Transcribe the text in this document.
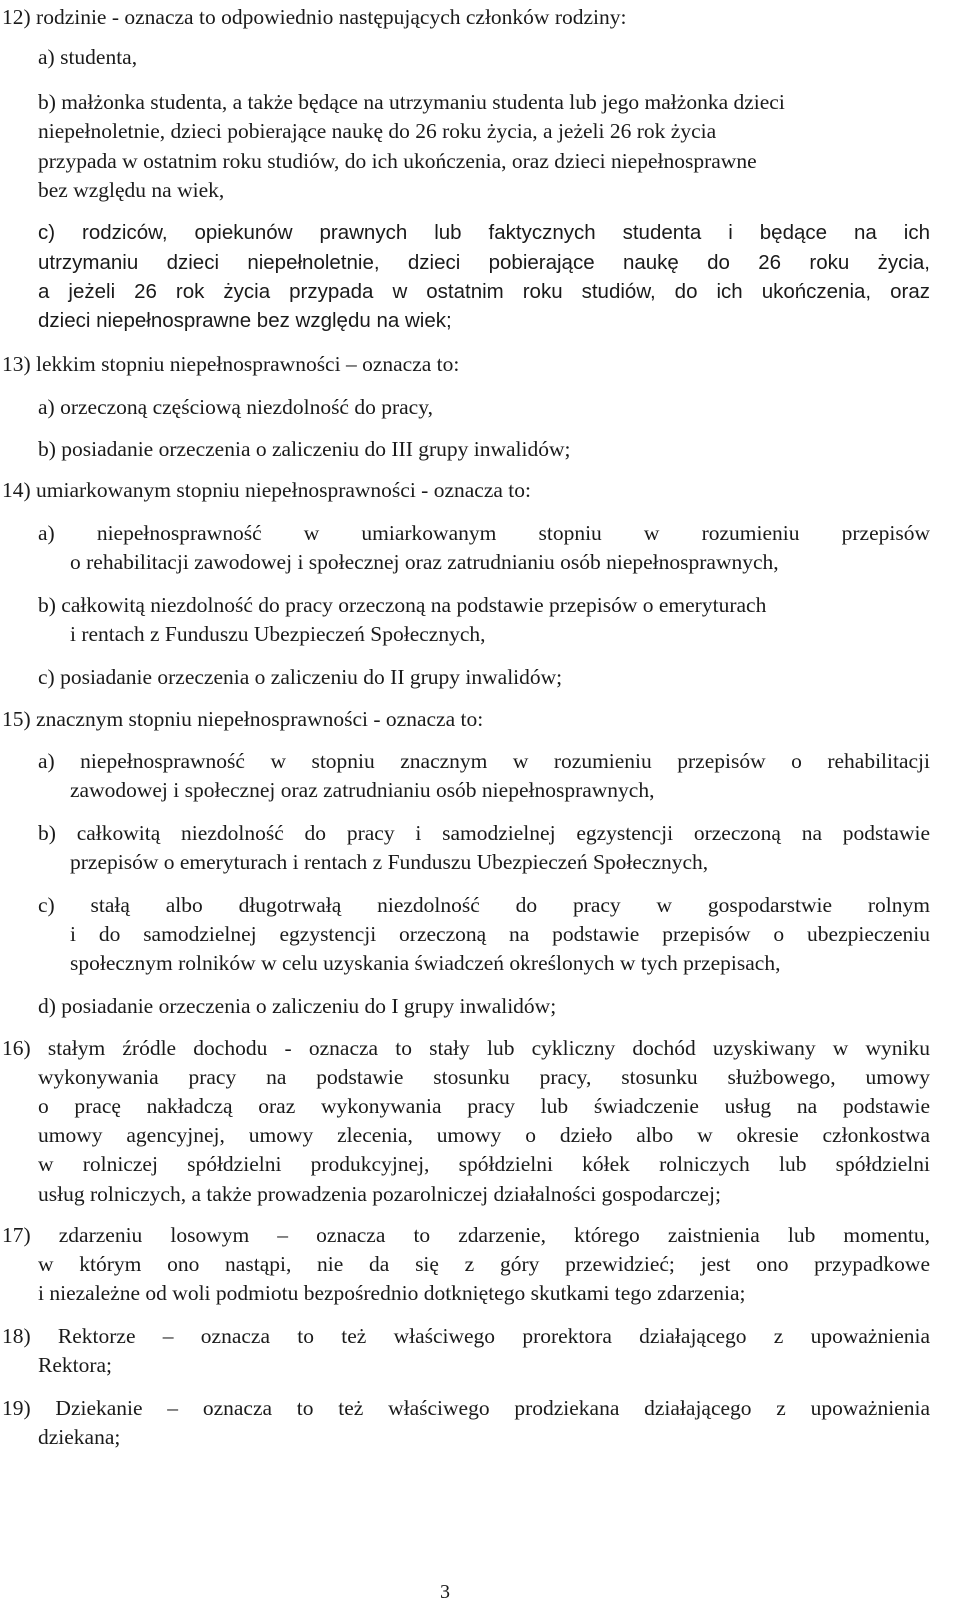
12) rodzinie - oznacza to odpowiednio następujących członków rodziny:

a) studenta,

b) małżonka studenta, a także będące na utrzymaniu studenta lub jego małżonka dzieci

niepełnoletnie, dzieci pobierające naukę do 26 roku życia, a jeżeli 26 rok życia

przypada w ostatnim roku studiów, do ich ukończenia, oraz dzieci niepełnosprawne

bez względu na wiek,

c) rodziców, opiekunów prawnych lub faktycznych studenta i będące na ich

utrzymaniu dzieci niepełnoletnie, dzieci pobierające naukę do 26 roku życia,

a jeżeli 26 rok życia przypada w ostatnim roku studiów, do ich ukończenia, oraz

dzieci niepełnosprawne bez względu na wiek;

13) lekkim stopniu niepełnosprawności – oznacza to:

a) orzeczoną częściową niezdolność do pracy,

b) posiadanie orzeczenia o zaliczeniu do III grupy inwalidów;

14) umiarkowanym stopniu niepełnosprawności - oznacza to:

a) niepełnosprawność w umiarkowanym stopniu w rozumieniu przepisów

o rehabilitacji zawodowej i społecznej oraz zatrudnianiu osób niepełnosprawnych,

b) całkowitą niezdolność do pracy orzeczoną na podstawie przepisów o emeryturach

i rentach z Funduszu Ubezpieczeń Społecznych,

c) posiadanie orzeczenia o zaliczeniu do II grupy inwalidów;

15) znacznym stopniu niepełnosprawności - oznacza to:

a) niepełnosprawność w stopniu znacznym w rozumieniu przepisów o rehabilitacji

zawodowej i społecznej oraz zatrudnianiu osób niepełnosprawnych,

b) całkowitą niezdolność do pracy i samodzielnej egzystencji orzeczoną na podstawie

przepisów o emeryturach i rentach z Funduszu Ubezpieczeń Społecznych,

c) stałą albo długotrwałą niezdolność do pracy w gospodarstwie rolnym

i do samodzielnej egzystencji orzeczoną na podstawie przepisów o ubezpieczeniu

społecznym rolników w celu uzyskania świadczeń określonych w tych przepisach,

d) posiadanie orzeczenia o zaliczeniu do I grupy inwalidów;

16) stałym źródle dochodu - oznacza to stały lub cykliczny dochód uzyskiwany w wyniku

wykonywania pracy na podstawie stosunku pracy, stosunku służbowego, umowy

o pracę nakładczą oraz wykonywania pracy lub świadczenie usług na podstawie

umowy agencyjnej, umowy zlecenia, umowy o dzieło albo w okresie członkostwa

w rolniczej spółdzielni produkcyjnej, spółdzielni kółek rolniczych lub spółdzielni

usług rolniczych, a także prowadzenia pozarolniczej działalności gospodarczej;

17) zdarzeniu losowym – oznacza to zdarzenie, którego zaistnienia lub momentu,

w którym ono nastąpi, nie da się z góry przewidzieć; jest ono przypadkowe

i niezależne od woli podmiotu bezpośrednio dotkniętego skutkami tego zdarzenia;

18) Rektorze – oznacza to też właściwego prorektora działającego z upoważnienia

Rektora;

19) Dziekanie – oznacza to też właściwego prodziekana działającego z upoważnienia

dziekana;

3
